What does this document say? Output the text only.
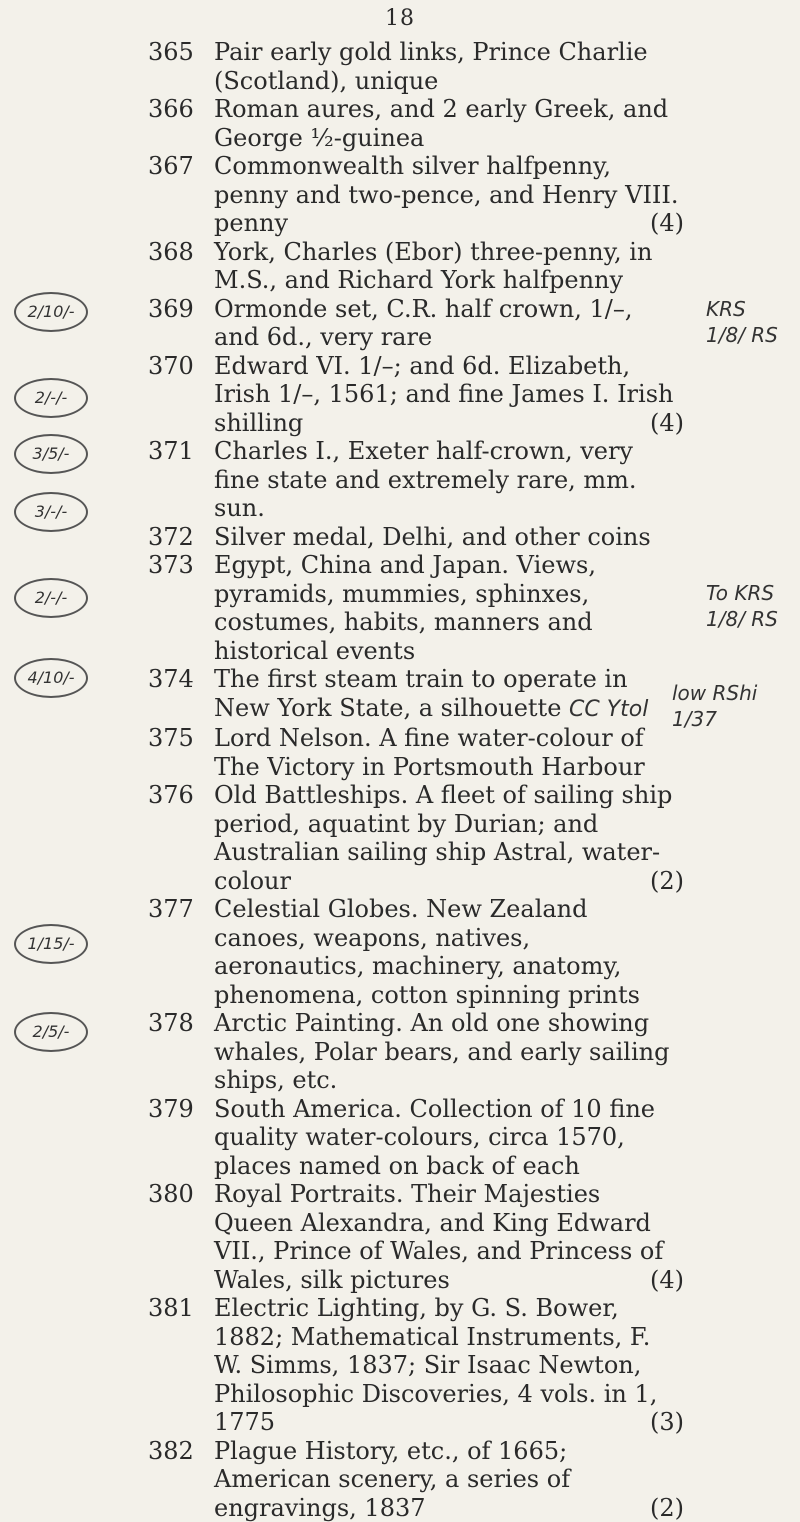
18
365 Pair early gold links, Prince Charlie (Scotland), unique
366 Roman aures, and 2 early Greek, and George ½-guinea
367 Commonwealth silver halfpenny, penny and two-pence, and Henry VIII. penny	(4)
368 York, Charles (Ebor) three-penny, in M.S., and Richard York halfpenny
369 Ormonde set, C.R. half crown, 1/–, and 6d., very rare
370 Edward VI. 1/–; and 6d. Elizabeth, Irish 1/–, 1561; and fine James I. Irish shilling	(4)
371 Charles I., Exeter half-crown, very fine state and extremely rare, mm. sun.
372 Silver medal, Delhi, and other coins
373 Egypt, China and Japan. Views, pyramids, mummies, sphinxes, costumes, habits, manners and historical events
374 The first steam train to operate in New York State, a silhouette CC Ytol
375 Lord Nelson. A fine water-colour of The Victory in Portsmouth Harbour
376 Old Battleships. A fleet of sailing ship period, aquatint by Durian; and Australian sailing ship Astral, water-colour	(2)
377 Celestial Globes. New Zealand canoes, weapons, natives, aeronautics, machinery, anatomy, phenomena, cotton spinning prints
378 Arctic Painting. An old one showing whales, Polar bears, and early sailing ships, etc.
379 South America. Collection of 10 fine quality water-colours, circa 1570, places named on back of each
380 Royal Portraits. Their Majesties Queen Alexandra, and King Edward VII., Prince of Wales, and Princess of Wales, silk pictures	(4)
381 Electric Lighting, by G. S. Bower, 1882; Mathematical Instruments, F. W. Simms, 1837; Sir Isaac Newton, Philosophic Discoveries, 4 vols. in 1, 1775	(3)
382 Plague History, etc., of 1665; American scenery, a series of engravings, 1837	(2)
2/10/-
2/-/-
3/5/-
3/-/-
2/-/-
4/10/-
1/15/-
2/5/-
KRS
1/8/ RS
To KRS
1/8/ RS
low RShi 1/37
